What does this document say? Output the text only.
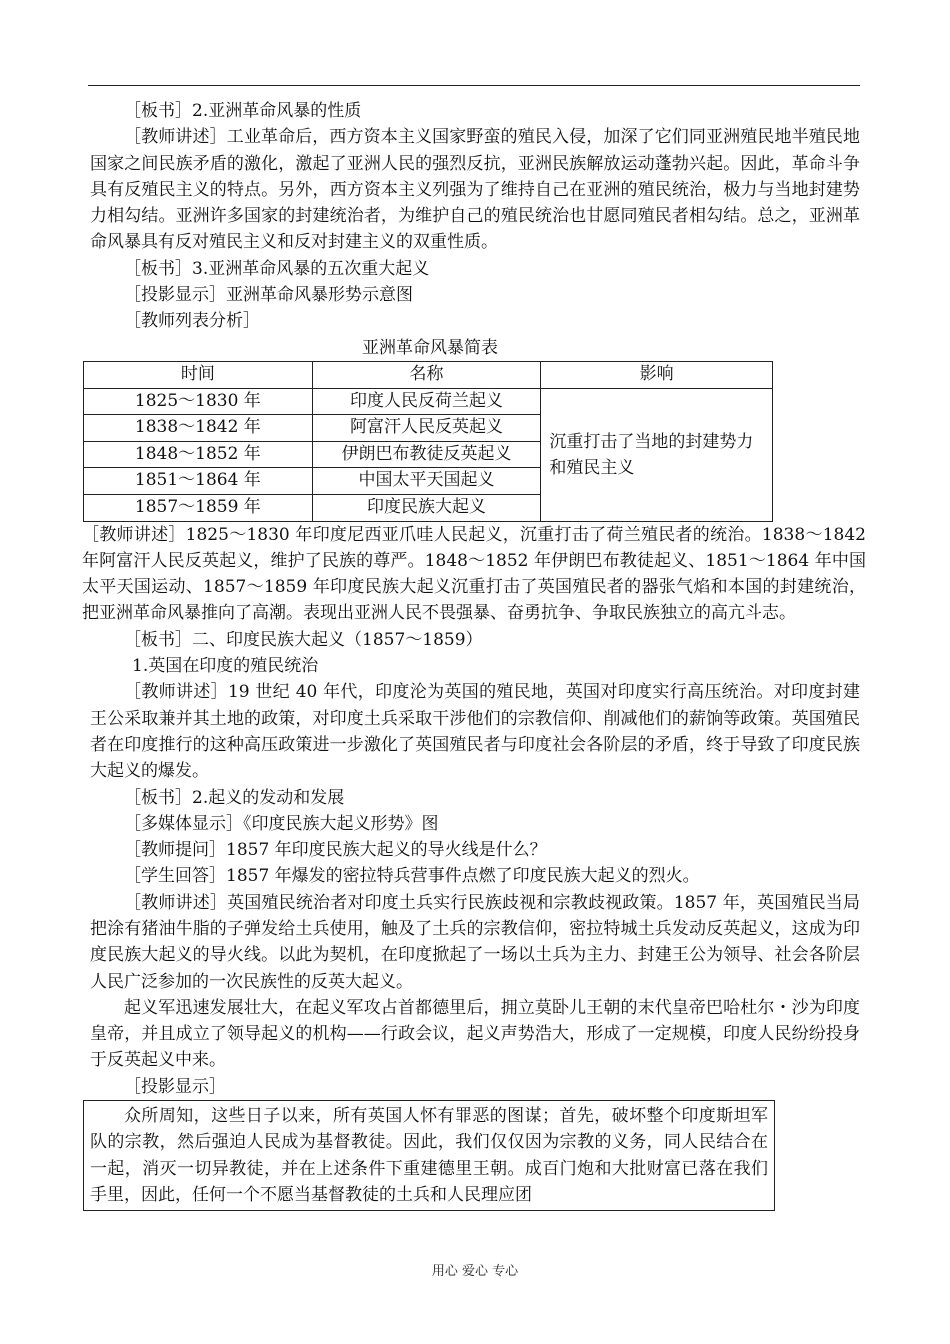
［板书］2.亚洲革命风暴的性质

［教师讲述］工业革命后，西方资本主义国家野蛮的殖民入侵，加深了它们同亚洲殖民地半殖民地国家之间民族矛盾的激化，激起了亚洲人民的强烈反抗，亚洲民族解放运动蓬勃兴起。因此，革命斗争具有反殖民主义的特点。另外，西方资本主义列强为了维持自己在亚洲的殖民统治，极力与当地封建势力相勾结。亚洲许多国家的封建统治者，为维护自己的殖民统治也甘愿同殖民者相勾结。总之，亚洲革命风暴具有反对殖民主义和反对封建主义的双重性质。

［板书］3.亚洲革命风暴的五次重大起义

［投影显示］亚洲革命风暴形势示意图

［教师列表分析］

亚洲革命风暴简表

时间	名称	影响
1825～1830 年	印度人民反荷兰起义	沉重打击了当地的封建势力和殖民主义
1838～1842 年	阿富汗人民反英起义	
1848～1852 年	伊朗巴布教徒反英起义	
1851～1864 年	中国太平天国起义	
1857～1859 年	印度民族大起义	

［教师讲述］1825～1830 年印度尼西亚爪哇人民起义，沉重打击了荷兰殖民者的统治。1838～1842 年阿富汗人民反英起义，维护了民族的尊严。1848～1852 年伊朗巴布教徒起义、1851～1864 年中国太平天国运动、1857～1859 年印度民族大起义沉重打击了英国殖民者的器张气焰和本国的封建统治，把亚洲革命风暴推向了高潮。表现出亚洲人民不畏强暴、奋勇抗争、争取民族独立的高亢斗志。

［板书］二、印度民族大起义（1857～1859）

1.英国在印度的殖民统治

［教师讲述］19 世纪 40 年代，印度沦为英国的殖民地，英国对印度实行高压统治。对印度封建王公采取兼并其土地的政策，对印度土兵采取干涉他们的宗教信仰、削减他们的薪饷等政策。英国殖民者在印度推行的这种高压政策进一步激化了英国殖民者与印度社会各阶层的矛盾，终于导致了印度民族大起义的爆发。

［板书］2.起义的发动和发展

［多媒体显示］《印度民族大起义形势》图

［教师提问］1857 年印度民族大起义的导火线是什么？

［学生回答］1857 年爆发的密拉特兵营事件点燃了印度民族大起义的烈火。

［教师讲述］英国殖民统治者对印度土兵实行民族歧视和宗教歧视政策。1857 年，英国殖民当局把涂有猪油牛脂的子弹发给土兵使用，触及了土兵的宗教信仰，密拉特城土兵发动反英起义，这成为印度民族大起义的导火线。以此为契机，在印度掀起了一场以土兵为主力、封建王公为领导、社会各阶层人民广泛参加的一次民族性的反英大起义。

起义军迅速发展壮大，在起义军攻占首都德里后，拥立莫卧儿王朝的末代皇帝巴哈杜尔・沙为印度皇帝，并且成立了领导起义的机构——行政会议，起义声势浩大，形成了一定规模，印度人民纷纷投身于反英起义中来。

［投影显示］

众所周知，这些日子以来，所有英国人怀有罪恶的图谋；首先，破坏整个印度斯坦军队的宗教，然后强迫人民成为基督教徒。因此，我们仅仅因为宗教的义务，同人民结合在一起，消灭一切异教徒，并在上述条件下重建德里王朝。成百门炮和大批财富已落在我们手里，因此，任何一个不愿当基督教徒的土兵和人民理应团

用心 爱心 专心
